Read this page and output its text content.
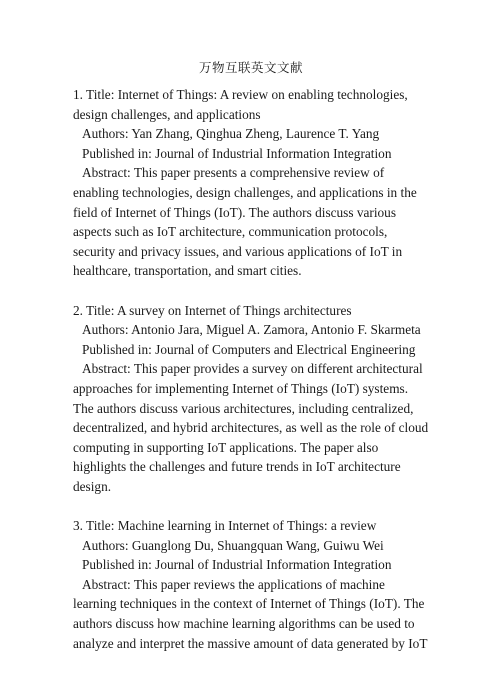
万物互联英文文献

1. Title: Internet of Things: A review on enabling technologies, design challenges, and applications

Authors: Yan Zhang, Qinghua Zheng, Laurence T. Yang

Published in: Journal of Industrial Information Integration

Abstract: This paper presents a comprehensive review of enabling technologies, design challenges, and applications in the field of Internet of Things (IoT). The authors discuss various aspects such as IoT architecture, communication protocols, security and privacy issues, and various applications of IoT in healthcare, transportation, and smart cities.

2. Title: A survey on Internet of Things architectures

Authors: Antonio Jara, Miguel A. Zamora, Antonio F. Skarmeta

Published in: Journal of Computers and Electrical Engineering

Abstract: This paper provides a survey on different architectural approaches for implementing Internet of Things (IoT) systems. The authors discuss various architectures, including centralized, decentralized, and hybrid architectures, as well as the role of cloud computing in supporting IoT applications. The paper also highlights the challenges and future trends in IoT architecture design.

3. Title: Machine learning in Internet of Things: a review

Authors: Guanglong Du, Shuangquan Wang, Guiwu Wei

Published in: Journal of Industrial Information Integration

Abstract: This paper reviews the applications of machine learning techniques in the context of Internet of Things (IoT). The authors discuss how machine learning algorithms can be used to analyze and interpret the massive amount of data generated by IoT
